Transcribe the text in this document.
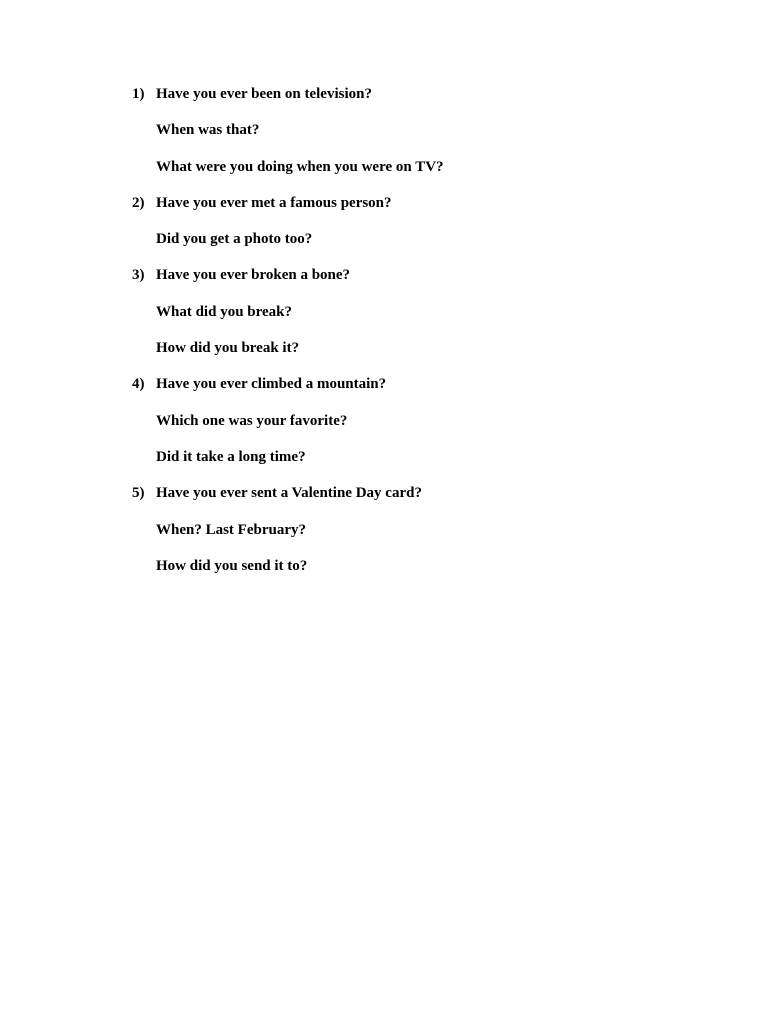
1) Have you ever been on television?
When was that?
What were you doing when you were on TV?
2) Have you ever met a famous person?
Did you get a photo too?
3) Have you ever broken a bone?
What did you break?
How did you break it?
4) Have you ever climbed a mountain?
Which one was your favorite?
Did it take a long time?
5) Have you ever sent a Valentine Day card?
When? Last February?
How did you send it to?
